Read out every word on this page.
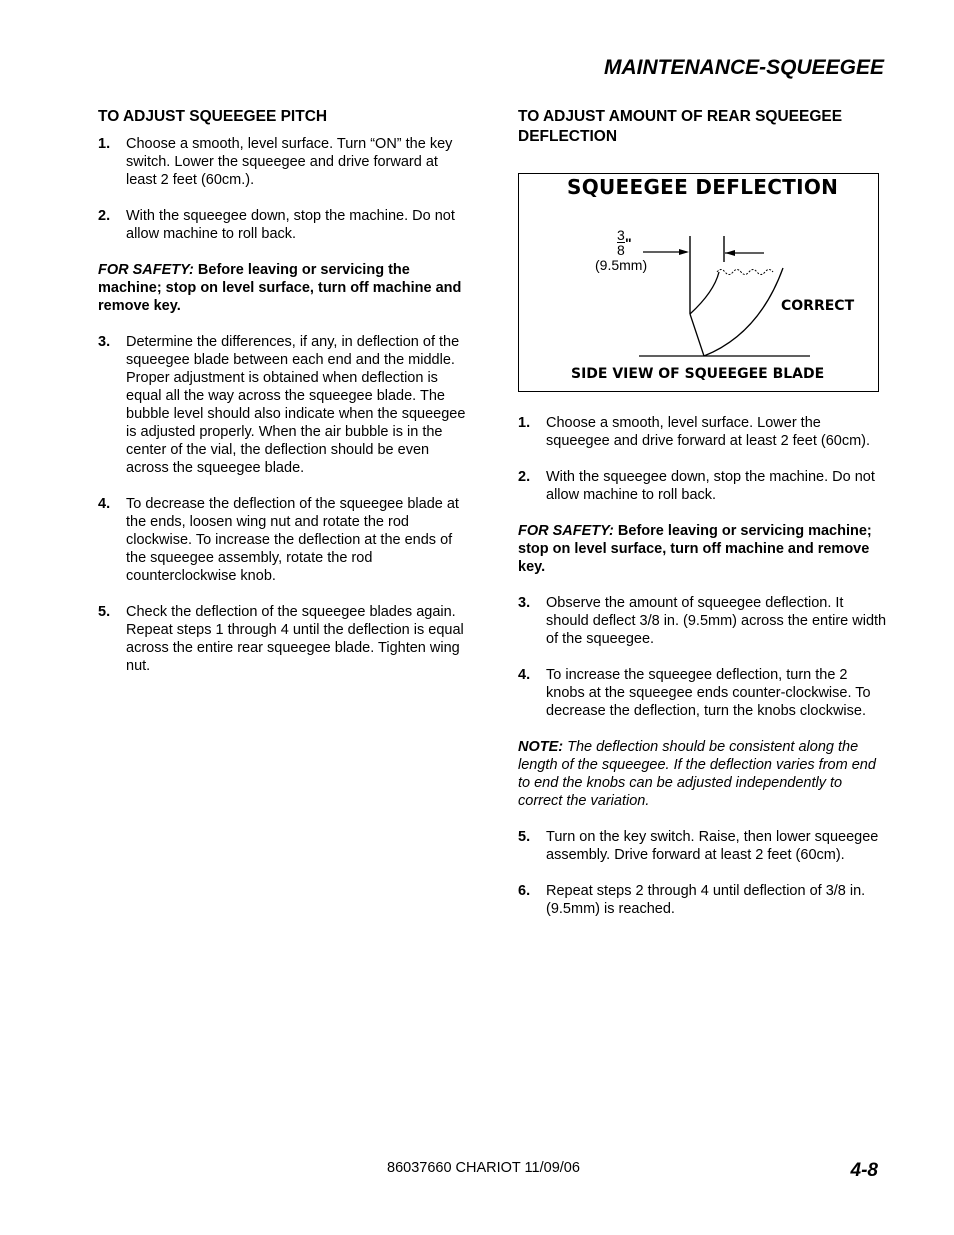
MAINTENANCE-SQUEEGEE

TO ADJUST SQUEEGEE PITCH

1. Choose a smooth, level surface. Turn “ON” the key switch. Lower the squeegee and drive forward at least 2 feet (60cm.).
2. With the squeegee down, stop the machine. Do not allow machine to roll back.

FOR SAFETY: Before leaving or servicing the machine; stop on level surface, turn off machine and remove key.

3. Determine the differences, if any, in deflection of the squeegee blade between each end and the middle. Proper adjustment is obtained when deflection is equal all the way across the squeegee blade. The bubble level should also indicate when the squeegee is adjusted properly. When the air bubble is in the center of the vial, the deflection should be even across the squeegee blade.
4. To decrease the deflection of the squeegee blade at the ends, loosen wing nut and rotate the rod clockwise. To increase the deflection at the ends of the squeegee assembly, rotate the rod counterclockwise knob.
5. Check the deflection of the squeegee blades again. Repeat steps 1 through 4 until the deflection is equal across the entire rear squeegee blade. Tighten wing nut.

TO ADJUST AMOUNT OF REAR SQUEEGEE DEFLECTION

SQUEEGEE DEFLECTION
$\frac{3}{8}$ "
(9.5mm)
CORRECT
SIDE VIEW OF SQUEEGEE BLADE
1. Choose a smooth, level surface. Lower the squeegee and drive forward at least 2 feet (60cm).
2. With the squeegee down, stop the machine. Do not allow machine to roll back.

FOR SAFETY: Before leaving or servicing machine; stop on level surface, turn off machine and remove key.

3. Observe the amount of squeegee deflection. It should deflect 3/8 in. (9.5mm) across the entire width of the squeegee.
4. To increase the squeegee deflection, turn the 2 knobs at the squeegee ends counter-clockwise. To decrease the deflection, turn the knobs clockwise.

NOTE: The deflection should be consistent along the length of the squeegee. If the deflection varies from end to end the knobs can be adjusted independently to correct the variation.

5. Turn on the key switch. Raise, then lower squeegee assembly. Drive forward at least 2 feet (60cm).
6. Repeat steps 2 through 4 until deflection of 3/8 in. (9.5mm) is reached.
86037660 CHARIOT 11/09/06	4-8
